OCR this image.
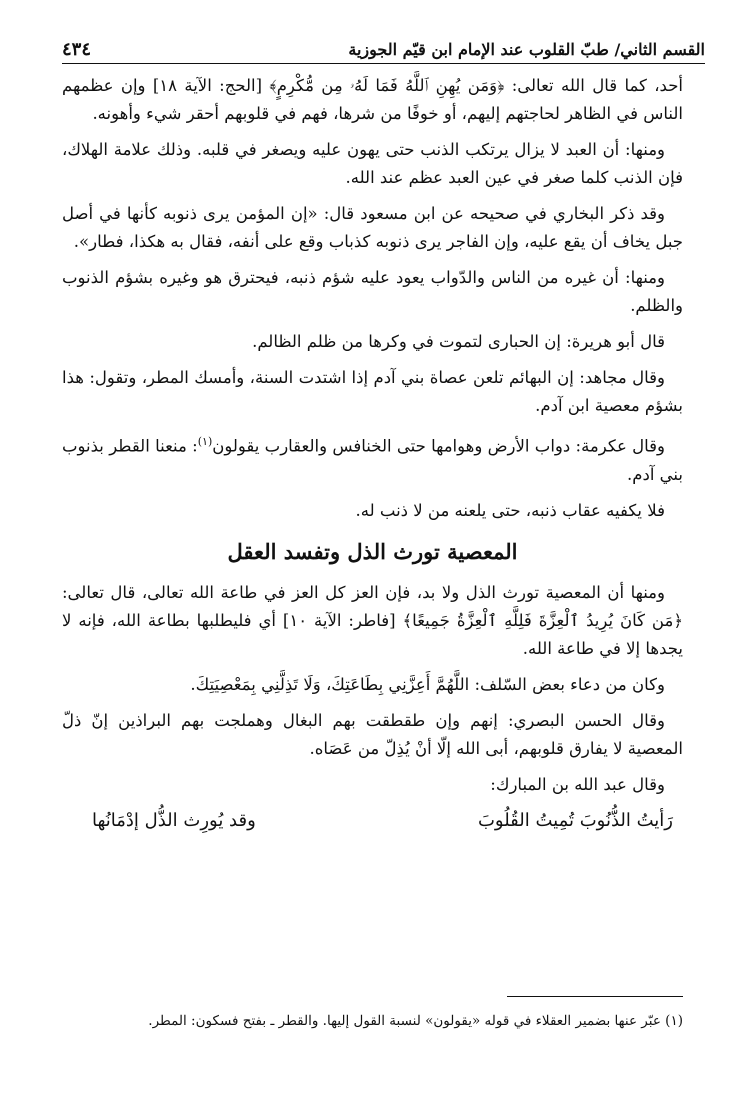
القسم الثاني/ طبّ القلوب عند الإمام ابن قيّم الجوزية
٤٣٤

أحد، كما قال الله تعالى: ﴿وَمَن يُهِنِ ٱللَّهُ فَمَا لَهُۥ مِن مُّكْرِمٍ﴾ [الحج: الآية ١٨] وإن عظمهم الناس في الظاهر لحاجتهم إليهم، أو خوفًا من شرها، فهم في قلوبهم أحقر شيء وأهونه.

ومنها: أن العبد لا يزال يرتكب الذنب حتى يهون عليه ويصغر في قلبه. وذلك علامة الهلاك، فإن الذنب كلما صغر في عين العبد عظم عند الله.

وقد ذكر البخاري في صحيحه عن ابن مسعود قال: «إن المؤمن يرى ذنوبه كأنها في أصل جبل يخاف أن يقع عليه، وإن الفاجر يرى ذنوبه كذباب وقع على أنفه، فقال به هكذا، فطار».

ومنها: أن غيره من الناس والدّواب يعود عليه شؤم ذنبه، فيحترق هو وغيره بشؤم الذنوب والظلم.

قال أبو هريرة: إن الحبارى لتموت في وكرها من ظلم الظالم.

وقال مجاهد: إن البهائم تلعن عصاة بني آدم إذا اشتدت السنة، وأمسك المطر، وتقول: هذا بشؤم معصية ابن آدم.

وقال عكرمة: دواب الأرض وهوامها حتى الخنافس والعقارب يقولون$^{(١)}$: منعنا القطر بذنوب بني آدم.

فلا يكفيه عقاب ذنبه، حتى يلعنه من لا ذنب له.

المعصية تورث الذل وتفسد العقل

ومنها أن المعصية تورث الذل ولا بد، فإن العز كل العز في طاعة الله تعالى، قال تعالى: ﴿مَن كَانَ يُرِيدُ ٱلْعِزَّةَ فَلِلَّهِ ٱلْعِزَّةُ جَمِيعًا﴾ [فاطر: الآية ١٠] أي فليطلبها بطاعة الله، فإنه لا يجدها إلا في طاعة الله.

وكان من دعاء بعض السّلف: اللَّهُمَّ أَعِزَّنِي بِطَاعَتِكَ، وَلَا تَذِلَّنِي بِمَعْصِيَتِكَ.

وقال الحسن البصري: إنهم وإن طقطقت بهم البغال وهملجت بهم البراذين إنّ ذلّ المعصية لا يفارق قلوبهم، أبى الله إلّا أنْ يُذِلّ من عَصَاه.

وقال عبد الله بن المبارك:

رَأيتُ الذُّنُوبَ تُمِيتُ القُلُوبَ
وقد يُورِث الذُّل إدْمَانُها
(١) عبّر عنها بضمير العقلاء في قوله «يقولون» لنسبة القول إليها. والقطر ـ بفتح فسكون: المطر.
